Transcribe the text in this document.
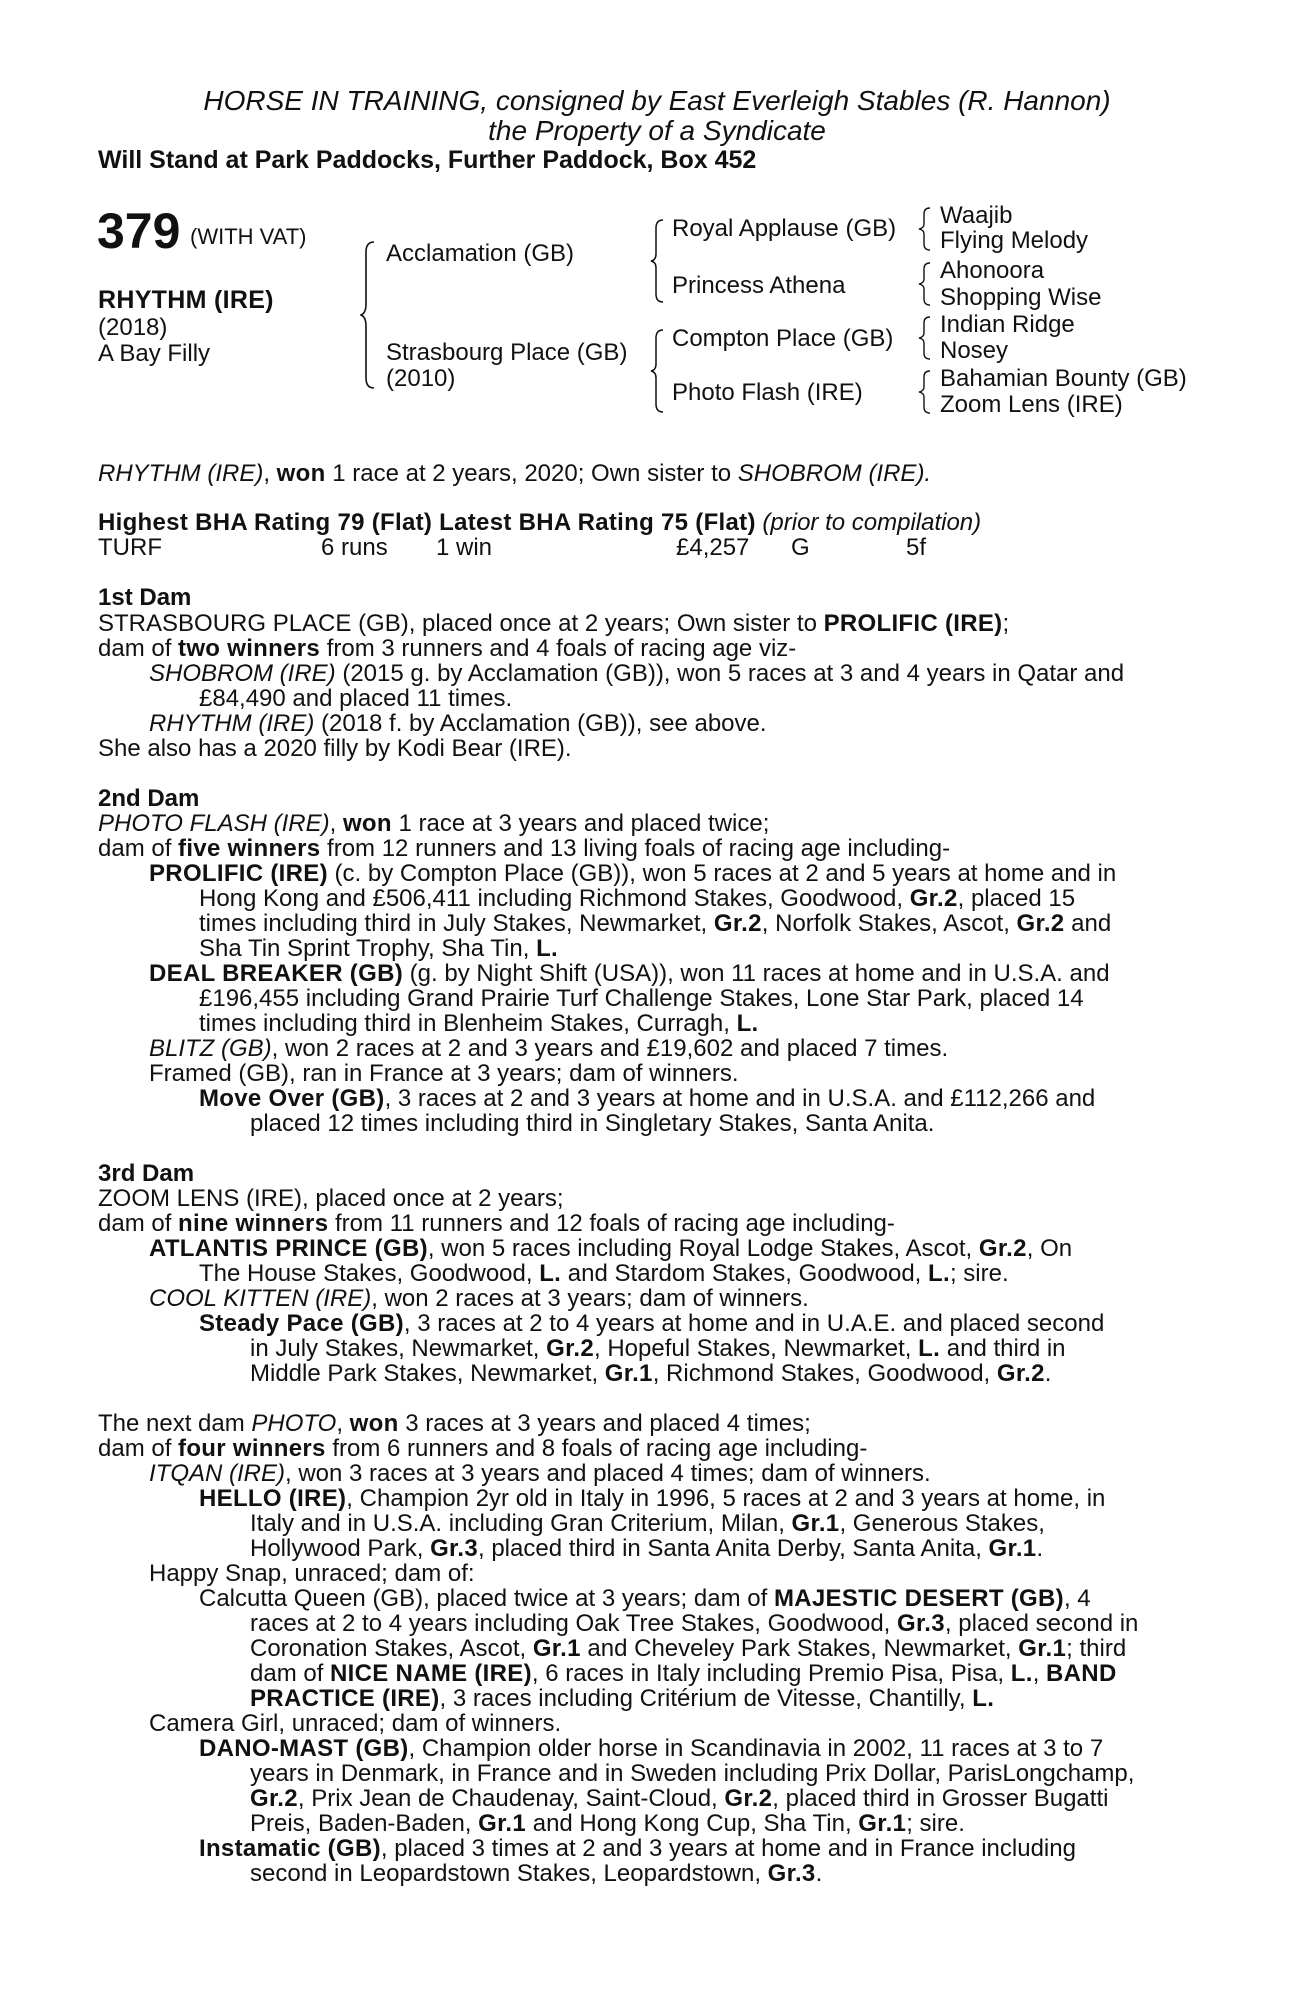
HORSE IN TRAINING, consigned by East Everleigh Stables (R. Hannon)
the Property of a Syndicate
Will Stand at Park Paddocks, Further Paddock, Box 452
379 (WITH VAT)
RHYTHM (IRE)
(2018)
A Bay Filly
Acclamation (GB)
Strasbourg Place (GB)
(2010)
Royal Applause (GB)
Princess Athena
Compton Place (GB)
Photo Flash (IRE)
Waajib
Flying Melody
Ahonoora
Shopping Wise
Indian Ridge
Nosey
Bahamian Bounty (GB)
Zoom Lens (IRE)
RHYTHM (IRE), won 1 race at 2 years, 2020; Own sister to SHOBROM (IRE).
Highest BHA Rating 79 (Flat) Latest BHA Rating 75 (Flat) (prior to compilation)
TURF	6 runs 1 win	£4,257 G	5f
1st Dam
STRASBOURG PLACE (GB), placed once at 2 years; Own sister to PROLIFIC (IRE);
dam of two winners from 3 runners and 4 foals of racing age viz-
SHOBROM (IRE) (2015 g. by Acclamation (GB)), won 5 races at 3 and 4 years in Qatar and
£84,490 and placed 11 times.
RHYTHM (IRE) (2018 f. by Acclamation (GB)), see above.
She also has a 2020 filly by Kodi Bear (IRE).
2nd Dam
PHOTO FLASH (IRE), won 1 race at 3 years and placed twice;
dam of five winners from 12 runners and 13 living foals of racing age including-
PROLIFIC (IRE) (c. by Compton Place (GB)), won 5 races at 2 and 5 years at home and in
Hong Kong and £506,411 including Richmond Stakes, Goodwood, Gr.2, placed 15
times including third in July Stakes, Newmarket, Gr.2, Norfolk Stakes, Ascot, Gr.2 and
Sha Tin Sprint Trophy, Sha Tin, L.
DEAL BREAKER (GB) (g. by Night Shift (USA)), won 11 races at home and in U.S.A. and
£196,455 including Grand Prairie Turf Challenge Stakes, Lone Star Park, placed 14
times including third in Blenheim Stakes, Curragh, L.
BLITZ (GB), won 2 races at 2 and 3 years and £19,602 and placed 7 times.
Framed (GB), ran in France at 3 years; dam of winners.
Move Over (GB), 3 races at 2 and 3 years at home and in U.S.A. and £112,266 and
placed 12 times including third in Singletary Stakes, Santa Anita.
3rd Dam
ZOOM LENS (IRE), placed once at 2 years;
dam of nine winners from 11 runners and 12 foals of racing age including-
ATLANTIS PRINCE (GB), won 5 races including Royal Lodge Stakes, Ascot, Gr.2, On
The House Stakes, Goodwood, L. and Stardom Stakes, Goodwood, L.; sire.
COOL KITTEN (IRE), won 2 races at 3 years; dam of winners.
Steady Pace (GB), 3 races at 2 to 4 years at home and in U.A.E. and placed second
in July Stakes, Newmarket, Gr.2, Hopeful Stakes, Newmarket, L. and third in
Middle Park Stakes, Newmarket, Gr.1, Richmond Stakes, Goodwood, Gr.2.
The next dam PHOTO, won 3 races at 3 years and placed 4 times;
dam of four winners from 6 runners and 8 foals of racing age including-
ITQAN (IRE), won 3 races at 3 years and placed 4 times; dam of winners.
HELLO (IRE), Champion 2yr old in Italy in 1996, 5 races at 2 and 3 years at home, in
Italy and in U.S.A. including Gran Criterium, Milan, Gr.1, Generous Stakes,
Hollywood Park, Gr.3, placed third in Santa Anita Derby, Santa Anita, Gr.1.
Happy Snap, unraced; dam of:
Calcutta Queen (GB), placed twice at 3 years; dam of MAJESTIC DESERT (GB), 4
races at 2 to 4 years including Oak Tree Stakes, Goodwood, Gr.3, placed second in
Coronation Stakes, Ascot, Gr.1 and Cheveley Park Stakes, Newmarket, Gr.1; third
dam of NICE NAME (IRE), 6 races in Italy including Premio Pisa, Pisa, L., BAND
PRACTICE (IRE), 3 races including Critérium de Vitesse, Chantilly, L.
Camera Girl, unraced; dam of winners.
DANO-MAST (GB), Champion older horse in Scandinavia in 2002, 11 races at 3 to 7
years in Denmark, in France and in Sweden including Prix Dollar, ParisLongchamp,
Gr.2, Prix Jean de Chaudenay, Saint-Cloud, Gr.2, placed third in Grosser Bugatti
Preis, Baden-Baden, Gr.1 and Hong Kong Cup, Sha Tin, Gr.1; sire.
Instamatic (GB), placed 3 times at 2 and 3 years at home and in France including
second in Leopardstown Stakes, Leopardstown, Gr.3.
